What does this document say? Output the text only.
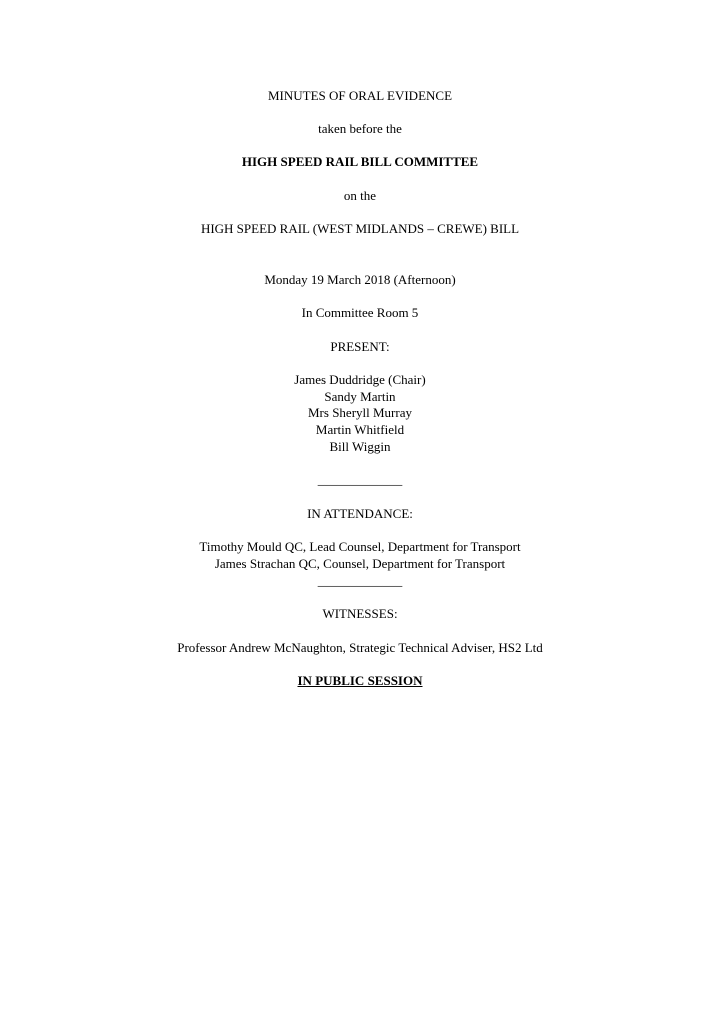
MINUTES OF ORAL EVIDENCE
taken before the
HIGH SPEED RAIL BILL COMMITTEE
on the
HIGH SPEED RAIL (WEST MIDLANDS – CREWE) BILL
Monday 19 March 2018 (Afternoon)
In Committee Room 5
PRESENT:
James Duddridge (Chair)
Sandy Martin
Mrs Sheryll Murray
Martin Whitfield
Bill Wiggin
_____________
IN ATTENDANCE:
Timothy Mould QC, Lead Counsel, Department for Transport
James Strachan QC, Counsel, Department for Transport
_____________
WITNESSES:
Professor Andrew McNaughton, Strategic Technical Adviser, HS2 Ltd
IN PUBLIC SESSION
